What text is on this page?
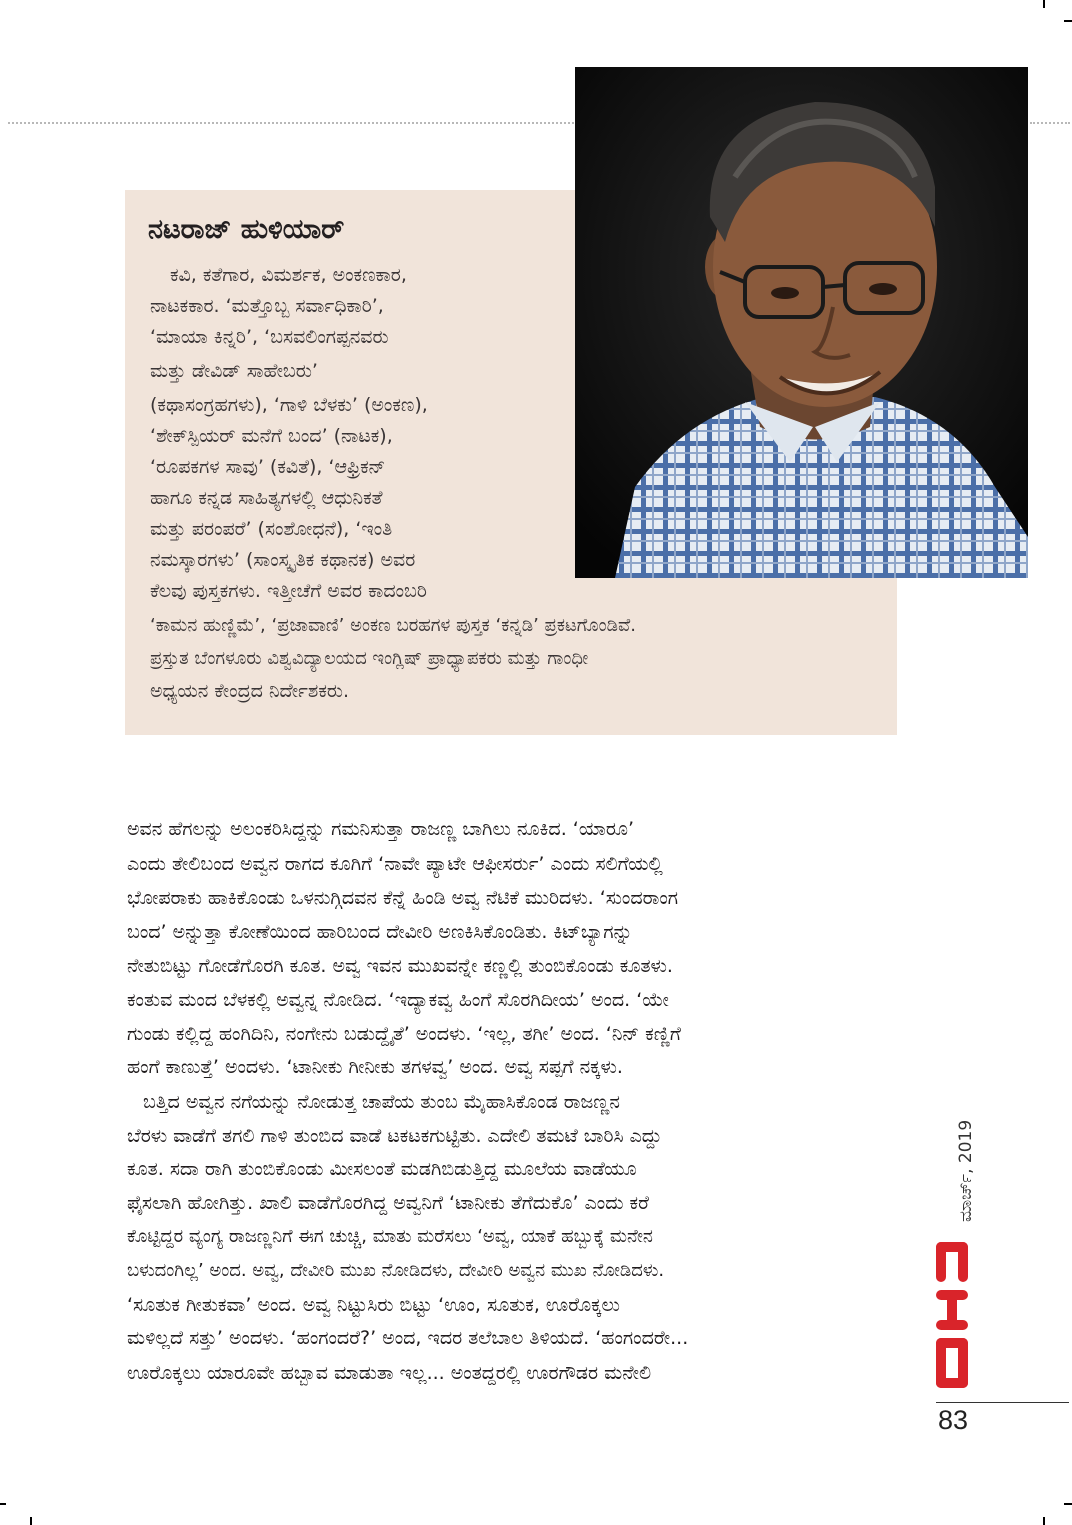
ನಟರಾಜ್ ಹುಳಿಯಾರ್
ಕವಿ, ಕತೆಗಾರ, ವಿಮರ್ಶಕ, ಅಂಕಣಕಾರ,
ನಾಟಕಕಾರ. ‘ಮತ್ತೊಬ್ಬ ಸರ್ವಾಧಿಕಾರಿ’,
‘ಮಾಯಾ ಕಿನ್ನರಿ’, ‘ಬಸವಲಿಂಗಪ್ಪನವರು
ಮತ್ತು ಡೇವಿಡ್ ಸಾಹೇಬರು’
(ಕಥಾಸಂಗ್ರಹಗಳು), ‘ಗಾಳಿ ಬೆಳಕು’ (ಅಂಕಣ),
‘ಶೇಕ್‌ಸ್ಪಿಯರ್ ಮನೆಗೆ ಬಂದ’ (ನಾಟಕ),
‘ರೂಪಕಗಳ ಸಾವು’ (ಕವಿತೆ), ‘ಆಫ್ರಿಕನ್
ಹಾಗೂ ಕನ್ನಡ ಸಾಹಿತ್ಯಗಳಲ್ಲಿ ಆಧುನಿಕತೆ
ಮತ್ತು ಪರಂಪರೆ’ (ಸಂಶೋಧನೆ), ‘ಇಂತಿ
ನಮಸ್ಕಾರಗಳು’ (ಸಾಂಸ್ಕೃತಿಕ ಕಥಾನಕ) ಅವರ
ಕೆಲವು ಪುಸ್ತಕಗಳು. ಇತ್ತೀಚೆಗೆ ಅವರ ಕಾದಂಬರಿ
‘ಕಾಮನ ಹುಣ್ಣಿಮೆ’, ‘ಪ್ರಜಾವಾಣಿ’ ಅಂಕಣ ಬರಹಗಳ ಪುಸ್ತಕ ‘ಕನ್ನಡಿ’ ಪ್ರಕಟಗೊಂಡಿವೆ.
ಪ್ರಸ್ತುತ ಬೆಂಗಳೂರು ವಿಶ್ವವಿದ್ಯಾಲಯದ ಇಂಗ್ಲಿಷ್ ಪ್ರಾಧ್ಯಾಪಕರು ಮತ್ತು ಗಾಂಧೀ
ಅಧ್ಯಯನ ಕೇಂದ್ರದ ನಿರ್ದೇಶಕರು.
ಅವನ ಹೆಗಲನ್ನು ಅಲಂಕರಿಸಿದ್ದನ್ನು ಗಮನಿಸುತ್ತಾ ರಾಜಣ್ಣ ಬಾಗಿಲು ನೂಕಿದ. ‘ಯಾರೂ’
ಎಂದು ತೇಲಿಬಂದ ಅವ್ವನ ರಾಗದ ಕೂಗಿಗೆ ‘ನಾವೇ ಪ್ಯಾಟೇ ಆಫೀಸರ್ರು’ ಎಂದು ಸಲಿಗೆಯಲ್ಲಿ
ಭೋಪರಾಕು ಹಾಕಿಕೊಂಡು ಒಳನುಗ್ಗಿದವನ ಕೆನ್ನೆ ಹಿಂಡಿ ಅವ್ವ ನೆಟಿಕೆ ಮುರಿದಳು. ‘ಸುಂದರಾಂಗ
ಬಂದ’ ಅನ್ನುತ್ತಾ ಕೋಣೆಯಿಂದ ಹಾರಿಬಂದ ದೇವೀರಿ ಅಣಕಿಸಿಕೊಂಡಿತು. ಕಿಟ್‌ಬ್ಯಾಗನ್ನು
ನೇತುಬಿಟ್ಟು ಗೋಡೆಗೊರಗಿ ಕೂತ. ಅವ್ವ ಇವನ ಮುಖವನ್ನೇ ಕಣ್ಣಲ್ಲಿ ತುಂಬಿಕೊಂಡು ಕೂತಳು.
ಕಂತುವ ಮಂದ ಬೆಳಕಲ್ಲಿ ಅವ್ವನ್ನ ನೋಡಿದ. ‘ಇದ್ಯಾಕವ್ವ ಹಿಂಗೆ ಸೊರಗಿದೀಯ’ ಅಂದ. ‘ಯೇ
ಗುಂಡು ಕಲ್ಲಿದ್ದ ಹಂಗಿದಿನಿ, ನಂಗೇನು ಬಡುದ್ದೈತೆ’ ಅಂದಳು. ‘ಇಲ್ಲ, ತಗೀ’ ಅಂದ. ‘ನಿನ್ ಕಣ್ಣಿಗೆ
ಹಂಗೆ ಕಾಣುತ್ತೆ’ ಅಂದಳು. ‘ಟಾನೀಕು ಗೀನೀಕು ತಗಳವ್ವ’ ಅಂದ. ಅವ್ವ ಸಪ್ಪಗೆ ನಕ್ಕಳು.
ಬತ್ತಿದ ಅವ್ವನ ನಗೆಯನ್ನು ನೋಡುತ್ತ ಚಾಪೆಯ ತುಂಬ ಮೈಹಾಸಿಕೊಂಡ ರಾಜಣ್ಣನ
ಬೆರಳು ವಾಡೆಗೆ ತಗಲಿ ಗಾಳಿ ತುಂಬಿದ ವಾಡೆ ಟಕಟಕಗುಟ್ಟಿತು. ಎದೇಲಿ ತಮಟೆ ಬಾರಿಸಿ ಎದ್ದು
ಕೂತ. ಸದಾ ರಾಗಿ ತುಂಬಿಕೊಂಡು ಮೀಸಲಂತೆ ಮಡಗಿಬಿಡುತ್ತಿದ್ದ ಮೂಲೆಯ ವಾಡೆಯೂ
ಫೈಸಲಾಗಿ ಹೋಗಿತ್ತು. ಖಾಲಿ ವಾಡೆಗೊರಗಿದ್ದ ಅವ್ವನಿಗೆ ‘ಟಾನೀಕು ತೆಗೆದುಕೊ’ ಎಂದು ಕರೆ
ಕೊಟ್ಟಿದ್ದರ ವ್ಯಂಗ್ಯ ರಾಜಣ್ಣನಿಗೆ ಈಗ ಚುಚ್ಚಿ, ಮಾತು ಮರೆಸಲು ‘ಅವ್ವ, ಯಾಕೆ ಹಬ್ಬುಕ್ಕೆ ಮನೇನ
ಬಳುದಂಗಿಲ್ಲ’ ಅಂದ. ಅವ್ವ, ದೇವೀರಿ ಮುಖ ನೋಡಿದಳು, ದೇವೀರಿ ಅವ್ವನ ಮುಖ ನೋಡಿದಳು.
‘ಸೂತುಕ ಗೀತುಕವಾ’ ಅಂದ. ಅವ್ವ ನಿಟ್ಟುಸಿರು ಬಿಟ್ಟು ‘ಊಂ, ಸೂತುಕ, ಊರೊಕ್ಕಲು
ಮಳಿಲ್ಲದೆ ಸತ್ತು’ ಅಂದಳು. ‘ಹಂಗಂದರೆ?’ ಅಂದ, ಇದರ ತಲೆಬಾಲ ತಿಳಿಯದೆ. ‘ಹಂಗಂದರೇ...
ಊರೊಕ್ಕಲು ಯಾರೂವೇ ಹಬ್ಬಾವ ಮಾಡುತಾ ಇಲ್ಲ... ಅಂತದ್ದರಲ್ಲಿ ಊರಗೌಡರ ಮನೇಲಿ
ಮಾರ್ಚ್, 2019
83
